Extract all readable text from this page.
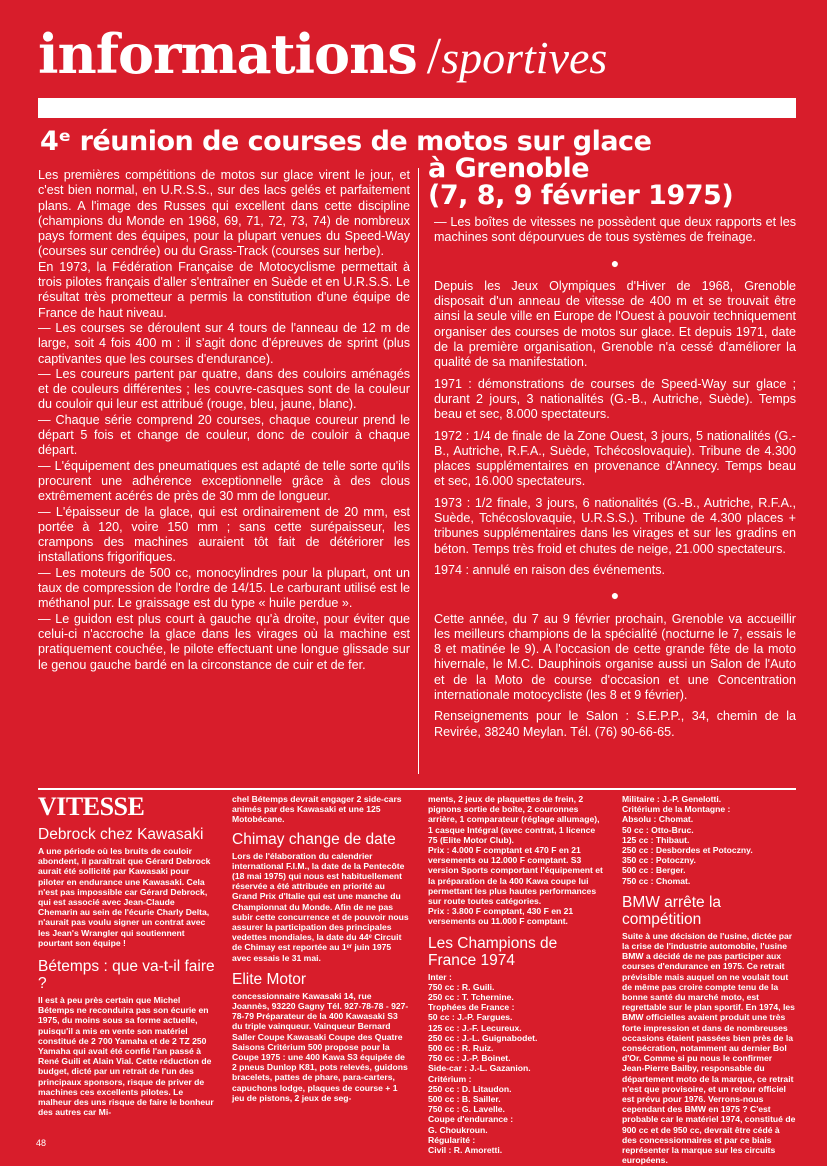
informations /sportives
4ᵉ réunion de courses de motos sur glace
à Grenoble
(7, 8, 9 février 1975)

Les premières compétitions de motos sur glace virent le jour, et c'est bien normal, en U.R.S.S., sur des lacs gelés et parfaitement plans. A l'image des Russes qui excellent dans cette discipline (champions du Monde en 1968, 69, 71, 72, 73, 74) de nombreux pays forment des équipes, pour la plupart venues du Speed-Way (courses sur cendrée) ou du Grass-Track (courses sur herbe).

En 1973, la Fédération Française de Motocyclisme permettait à trois pilotes français d'aller s'entraîner en Suède et en U.R.S.S. Le résultat très prometteur a permis la constitution d'une équipe de France de haut niveau.

— Les courses se déroulent sur 4 tours de l'anneau de 12 m de large, soit 4 fois 400 m : il s'agit donc d'épreuves de sprint (plus captivantes que les courses d'endurance).

— Les coureurs partent par quatre, dans des couloirs aménagés et de couleurs différentes ; les couvre-casques sont de la couleur du couloir qui leur est attribué (rouge, bleu, jaune, blanc).

— Chaque série comprend 20 courses, chaque coureur prend le départ 5 fois et change de couleur, donc de couloir à chaque départ.

— L'équipement des pneumatiques est adapté de telle sorte qu'ils procurent une adhérence exceptionnelle grâce à des clous extrêmement acérés de près de 30 mm de longueur.

— L'épaisseur de la glace, qui est ordinairement de 20 mm, est portée à 120, voire 150 mm ; sans cette surépaisseur, les crampons des machines auraient tôt fait de détériorer les installations frigorifiques.

— Les moteurs de 500 cc, monocylindres pour la plupart, ont un taux de compression de l'ordre de 14/15. Le carburant utilisé est le méthanol pur. Le graissage est du type « huile perdue ».

— Le guidon est plus court à gauche qu'à droite, pour éviter que celui-ci n'accroche la glace dans les virages où la machine est pratiquement couchée, le pilote effectuant une longue glissade sur le genou gauche bardé en la circonstance de cuir et de fer.

— Les boîtes de vitesses ne possèdent que deux rapports et les machines sont dépourvues de tous systèmes de freinage.

●

Depuis les Jeux Olympiques d'Hiver de 1968, Grenoble disposait d'un anneau de vitesse de 400 m et se trouvait être ainsi la seule ville en Europe de l'Ouest à pouvoir techniquement organiser des courses de motos sur glace. Et depuis 1971, date de la première organisation, Grenoble n'a cessé d'améliorer la qualité de sa manifestation.

1971 : démonstrations de courses de Speed-Way sur glace ; durant 2 jours, 3 nationalités (G.-B., Autriche, Suède). Temps beau et sec, 8.000 spectateurs.

1972 : 1/4 de finale de la Zone Ouest, 3 jours, 5 nationalités (G.-B., Autriche, R.F.A., Suède, Tchécoslovaquie). Tribune de 4.300 places supplémentaires en provenance d'Annecy. Temps beau et sec, 16.000 spectateurs.

1973 : 1/2 finale, 3 jours, 6 nationalités (G.-B., Autriche, R.F.A., Suède, Tchécoslovaquie, U.R.S.S.). Tribune de 4.300 places + tribunes supplémentaires dans les virages et sur les gradins en béton. Temps très froid et chutes de neige, 21.000 spectateurs.

1974 : annulé en raison des événements.

●

Cette année, du 7 au 9 février prochain, Grenoble va accueillir les meilleurs champions de la spécialité (nocturne le 7, essais le 8 et matinée le 9). A l'occasion de cette grande fête de la moto hivernale, le M.C. Dauphinois organise aussi un Salon de l'Auto et de la Moto de course d'occasion et une Concentration internationale motocycliste (les 8 et 9 février).

Renseignements pour le Salon : S.E.P.P., 34, chemin de la Revirée, 38240 Meylan. Tél. (76) 90-66-65.

VITESSE
Debrock chez Kawasaki

A une période où les bruits de couloir abondent, il paraîtrait que Gérard Debrock aurait été sollicité par Kawasaki pour piloter en endurance une Kawasaki. Cela n'est pas impossible car Gérard Debrock, qui est associé avec Jean-Claude Chemarin au sein de l'écurie Charly Delta, n'aurait pas voulu signer un contrat avec les Jean's Wrangler qui soutiennent pourtant son équipe !

Bétemps : que va-t-il faire ?

Il est à peu près certain que Michel Bétemps ne reconduira pas son écurie en 1975, du moins sous sa forme actuelle, puisqu'il a mis en vente son matériel constitué de 2 700 Yamaha et de 2 TZ 250 Yamaha qui avait été confié l'an passé à René Guili et Alain Vial. Cette réduction de budget, dicté par un retrait de l'un des principaux sponsors, risque de priver de machines ces excellents pilotes. Le malheur des uns risque de faire le bonheur des autres car Mi-

chel Bétemps devrait engager 2 side-cars animés par des Kawasaki et une 125 Motobécane.

Chimay change de date

Lors de l'élaboration du calendrier international F.I.M., la date de la Pentecôte (18 mai 1975) qui nous est habituellement réservée a été attribuée en priorité au Grand Prix d'Italie qui est une manche du Championnat du Monde. Afin de ne pas subir cette concurrence et de pouvoir nous assurer la participation des principales vedettes mondiales, la date du 44ᵉ Circuit de Chimay est reportée au 1ᵉʳ juin 1975 avec essais le 31 mai.

Elite Motor

concessionnaire Kawasaki 14, rue Joannès, 93220 Gagny Tél. 927-78-78 - 927-78-79 Préparateur de la 400 Kawasaki S3 du triple vainqueur. Vainqueur Bernard Saller Coupe Kawasaki Coupe des Quatre Saisons Critérium 500 propose pour la Coupe 1975 : une 400 Kawa S3 équipée de 2 pneus Dunlop K81, pots relevés, guidons bracelets, pattes de phare, para-carters, capuchons lodge, plaques de course + 1 jeu de pistons, 2 jeux de seg-

ments, 2 jeux de plaquettes de frein, 2 pignons sortie de boîte, 2 couronnes arrière, 1 comparateur (réglage allumage), 1 casque Intégral (avec contrat, 1 licence 75 (Elite Motor Club).

Prix : 4.000 F comptant et 470 F en 21 versements ou 12.000 F comptant. S3 version Sports comportant l'équipement et la préparation de la 400 Kawa coupe lui permettant les plus hautes performances sur route toutes catégories.

Prix : 3.800 F comptant, 430 F en 21 versements ou 11.000 F comptant.

Les Champions de France 1974

Inter :

750 cc : R. Guili.

250 cc : T. Tchernine.

Trophées de France :

50 cc : J.-P. Fargues.

125 cc : J.-F. Lecureux.

250 cc : J.-L. Guignabodet.

500 cc : R. Ruiz.

750 cc : J.-P. Boinet.

Side-car : J.-L. Gazanion.

Critérium :

250 cc : D. Litaudon.

500 cc : B. Sailler.

750 cc : G. Lavelle.

Coupe d'endurance :

G. Choukroun.

Régularité :

Civil : R. Amoretti.

Militaire : J.-P. Genelotti.

Critérium de la Montagne :

Absolu : Chomat.

50 cc : Otto-Bruc.

125 cc : Thibaut.

250 cc : Desbordes et Potoczny.

350 cc : Potoczny.

500 cc : Berger.

750 cc : Chomat.

BMW arrête la compétition

Suite à une décision de l'usine, dictée par la crise de l'industrie automobile, l'usine BMW a décidé de ne pas participer aux courses d'endurance en 1975. Ce retrait prévisible mais auquel on ne voulait tout de même pas croire compte tenu de la bonne santé du marché moto, est regrettable sur le plan sportif. En 1974, les BMW officielles avaient produit une très forte impression et dans de nombreuses occasions étaient passées bien près de la consécration, notamment au dernier Bol d'Or. Comme si pu nous le confirmer Jean-Pierre Bailby, responsable du département moto de la marque, ce retrait n'est que provisoire, et un retour officiel est prévu pour 1976. Verrons-nous cependant des BMW en 1975 ? C'est probable car le matériel 1974, constitué de 900 cc et de 950 cc, devrait être cédé à des concessionnaires et par ce biais représenter la marque sur les circuits européens.

48
